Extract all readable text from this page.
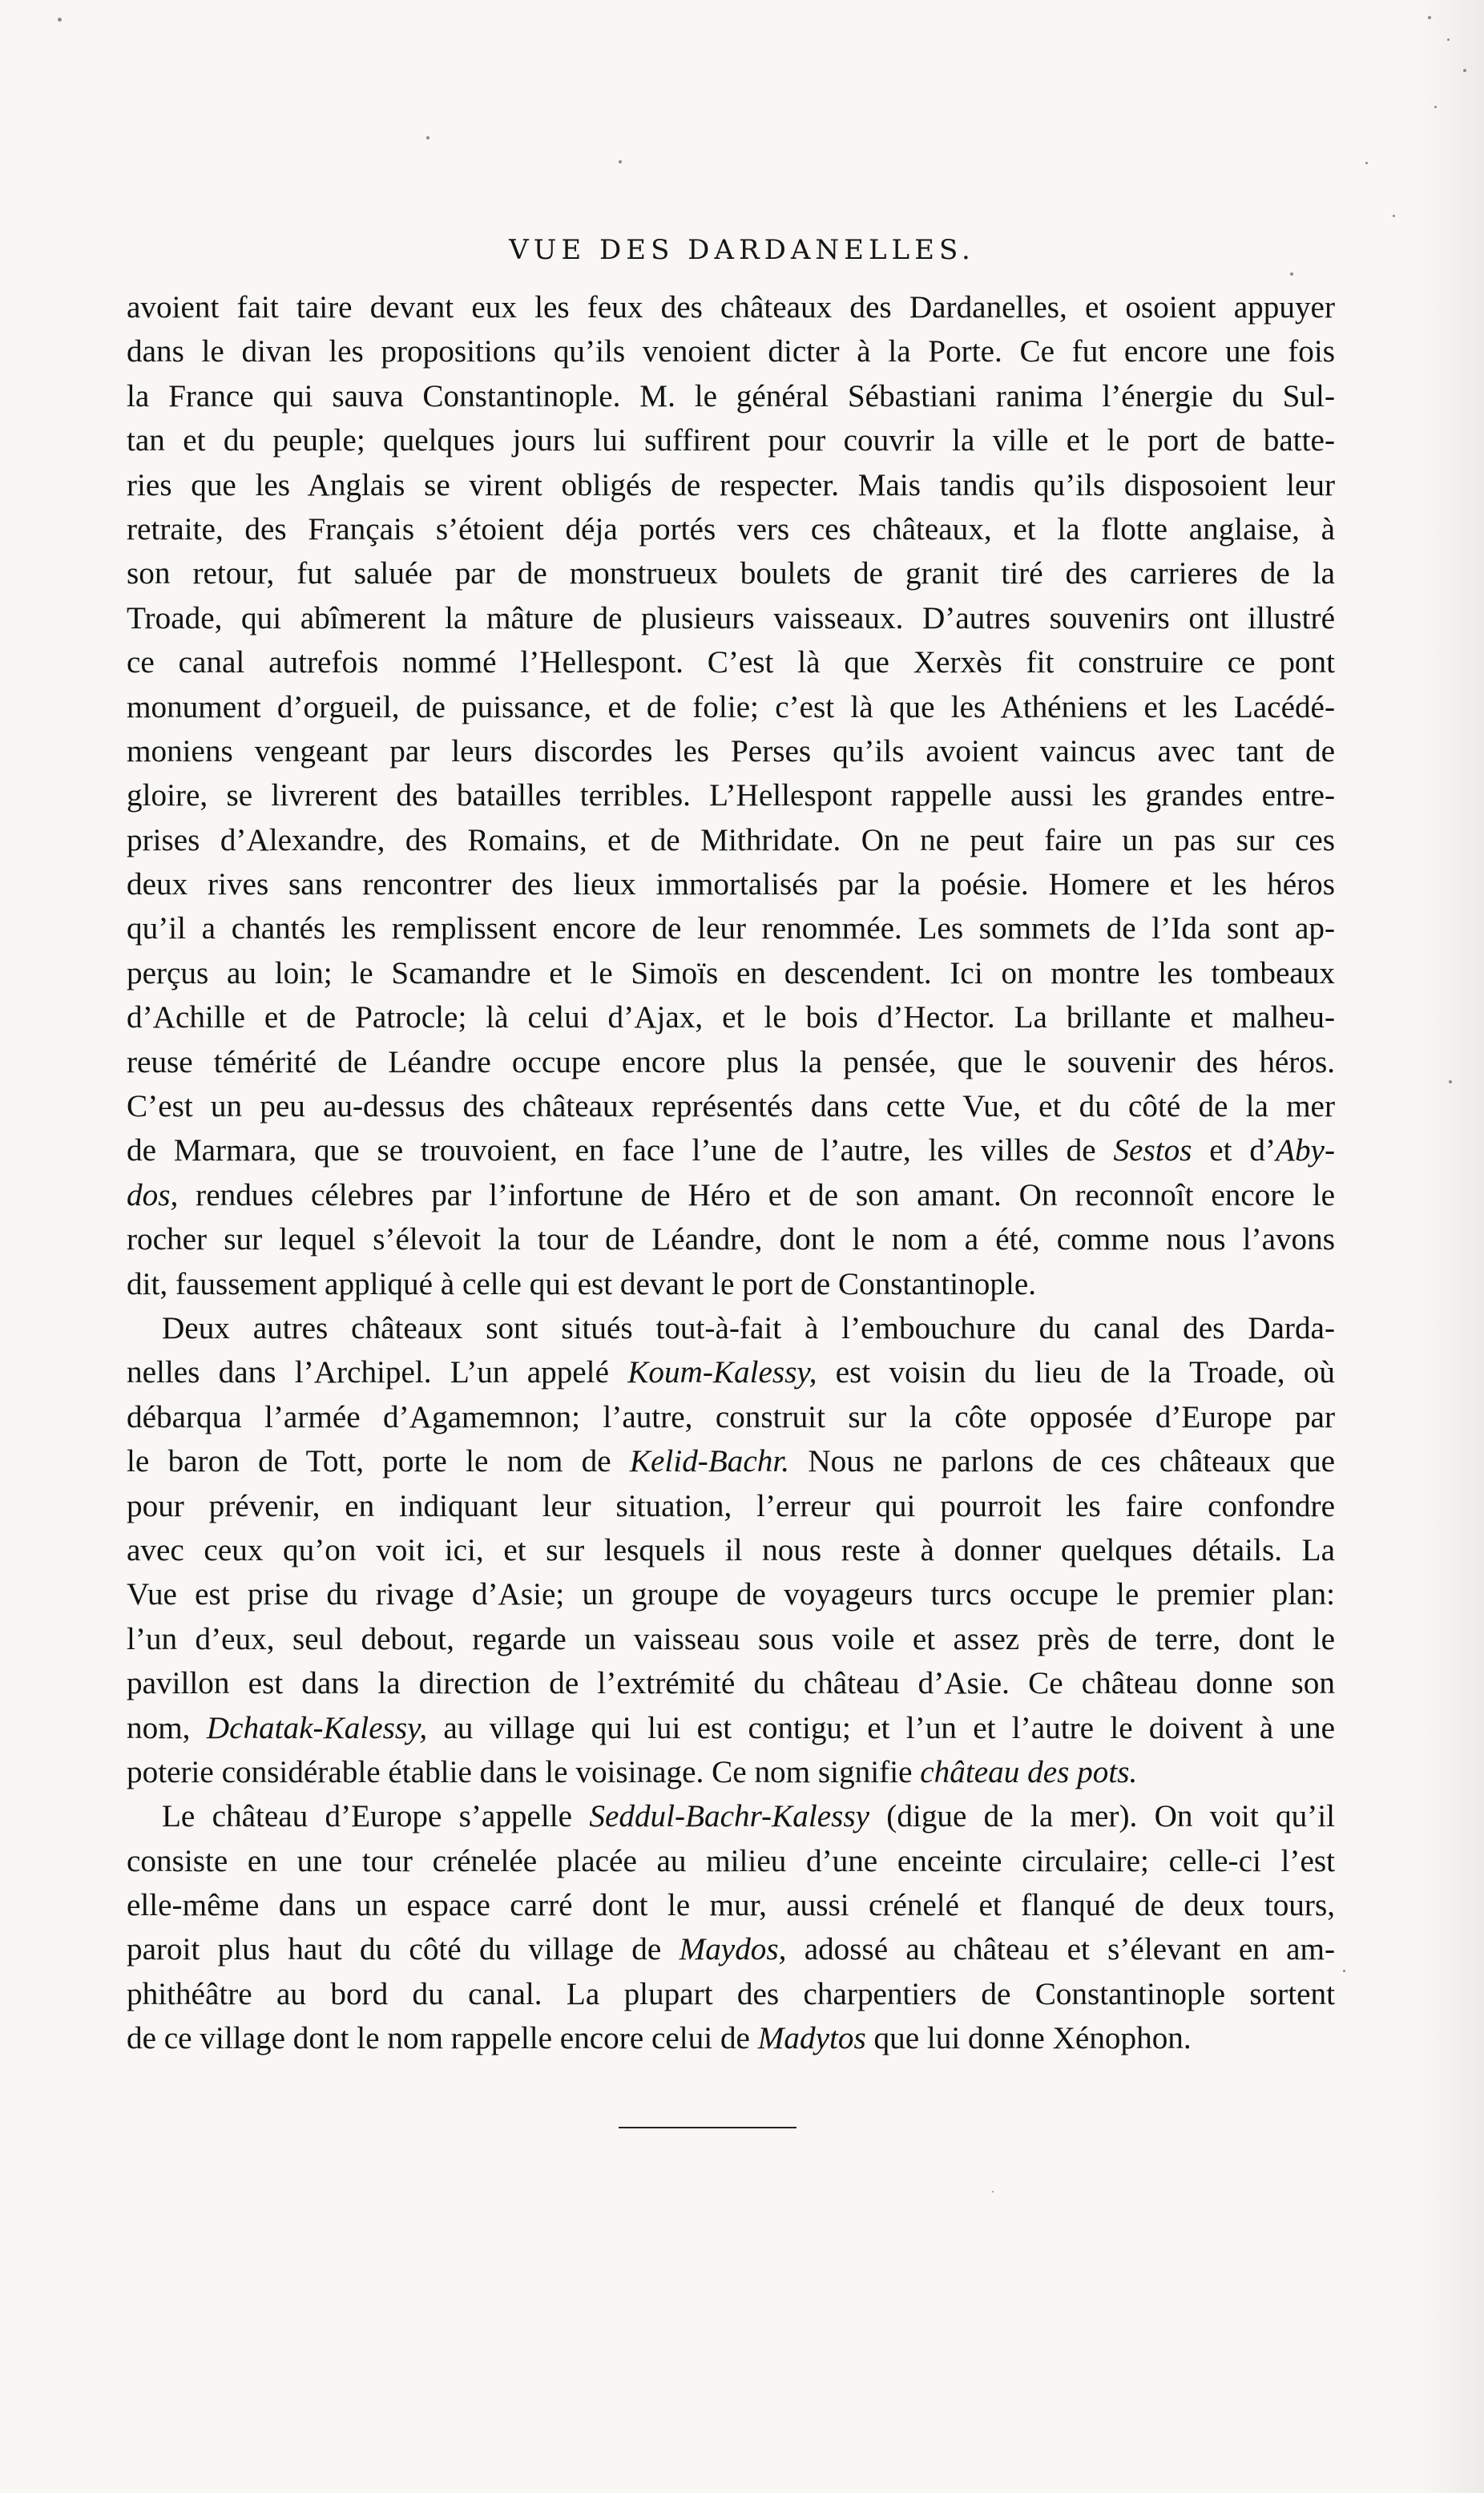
VUE DES DARDANELLES.
avoient fait taire devant eux les feux des châteaux des Dardanelles, et osoient appuyer
dans le divan les propositions qu’ils venoient dicter à la Porte. Ce fut encore une fois
la France qui sauva Constantinople. M. le général Sébastiani ranima l’énergie du Sul-
tan et du peuple; quelques jours lui suffirent pour couvrir la ville et le port de batte-
ries que les Anglais se virent obligés de respecter. Mais tandis qu’ils disposoient leur
retraite, des Français s’étoient déja portés vers ces châteaux, et la flotte anglaise, à
son retour, fut saluée par de monstrueux boulets de granit tiré des carrieres de la
Troade, qui abîmerent la mâture de plusieurs vaisseaux. D’autres souvenirs ont illustré
ce canal autrefois nommé l’Hellespont. C’est là que Xerxès fit construire ce pont
monument d’orgueil, de puissance, et de folie; c’est là que les Athéniens et les Lacédé-
moniens vengeant par leurs discordes les Perses qu’ils avoient vaincus avec tant de
gloire, se livrerent des batailles terribles. L’Hellespont rappelle aussi les grandes entre-
prises d’Alexandre, des Romains, et de Mithridate. On ne peut faire un pas sur ces
deux rives sans rencontrer des lieux immortalisés par la poésie. Homere et les héros
qu’il a chantés les remplissent encore de leur renommée. Les sommets de l’Ida sont ap-
perçus au loin; le Scamandre et le Simoïs en descendent. Ici on montre les tombeaux
d’Achille et de Patrocle; là celui d’Ajax, et le bois d’Hector. La brillante et malheu-
reuse témérité de Léandre occupe encore plus la pensée, que le souvenir des héros.
C’est un peu au-dessus des châteaux représentés dans cette Vue, et du côté de la mer
de Marmara, que se trouvoient, en face l’une de l’autre, les villes de Sestos et d’Aby-
dos, rendues célebres par l’infortune de Héro et de son amant. On reconnoît encore le
rocher sur lequel s’élevoit la tour de Léandre, dont le nom a été, comme nous l’avons
dit, faussement appliqué à celle qui est devant le port de Constantinople.
Deux autres châteaux sont situés tout-à-fait à l’embouchure du canal des Darda-
nelles dans l’Archipel. L’un appelé Koum-Kalessy, est voisin du lieu de la Troade, où
débarqua l’armée d’Agamemnon; l’autre, construit sur la côte opposée d’Europe par
le baron de Tott, porte le nom de Kelid-Bachr. Nous ne parlons de ces châteaux que
pour prévenir, en indiquant leur situation, l’erreur qui pourroit les faire confondre
avec ceux qu’on voit ici, et sur lesquels il nous reste à donner quelques détails. La
Vue est prise du rivage d’Asie; un groupe de voyageurs turcs occupe le premier plan:
l’un d’eux, seul debout, regarde un vaisseau sous voile et assez près de terre, dont le
pavillon est dans la direction de l’extrémité du château d’Asie. Ce château donne son
nom, Dchatak-Kalessy, au village qui lui est contigu; et l’un et l’autre le doivent à une
poterie considérable établie dans le voisinage. Ce nom signifie château des pots.
Le château d’Europe s’appelle Seddul-Bachr-Kalessy (digue de la mer). On voit qu’il
consiste en une tour crénelée placée au milieu d’une enceinte circulaire; celle-ci l’est
elle-même dans un espace carré dont le mur, aussi crénelé et flanqué de deux tours,
paroit plus haut du côté du village de Maydos, adossé au château et s’élevant en am-
phithéâtre au bord du canal. La plupart des charpentiers de Constantinople sortent
de ce village dont le nom rappelle encore celui de Madytos que lui donne Xénophon.
